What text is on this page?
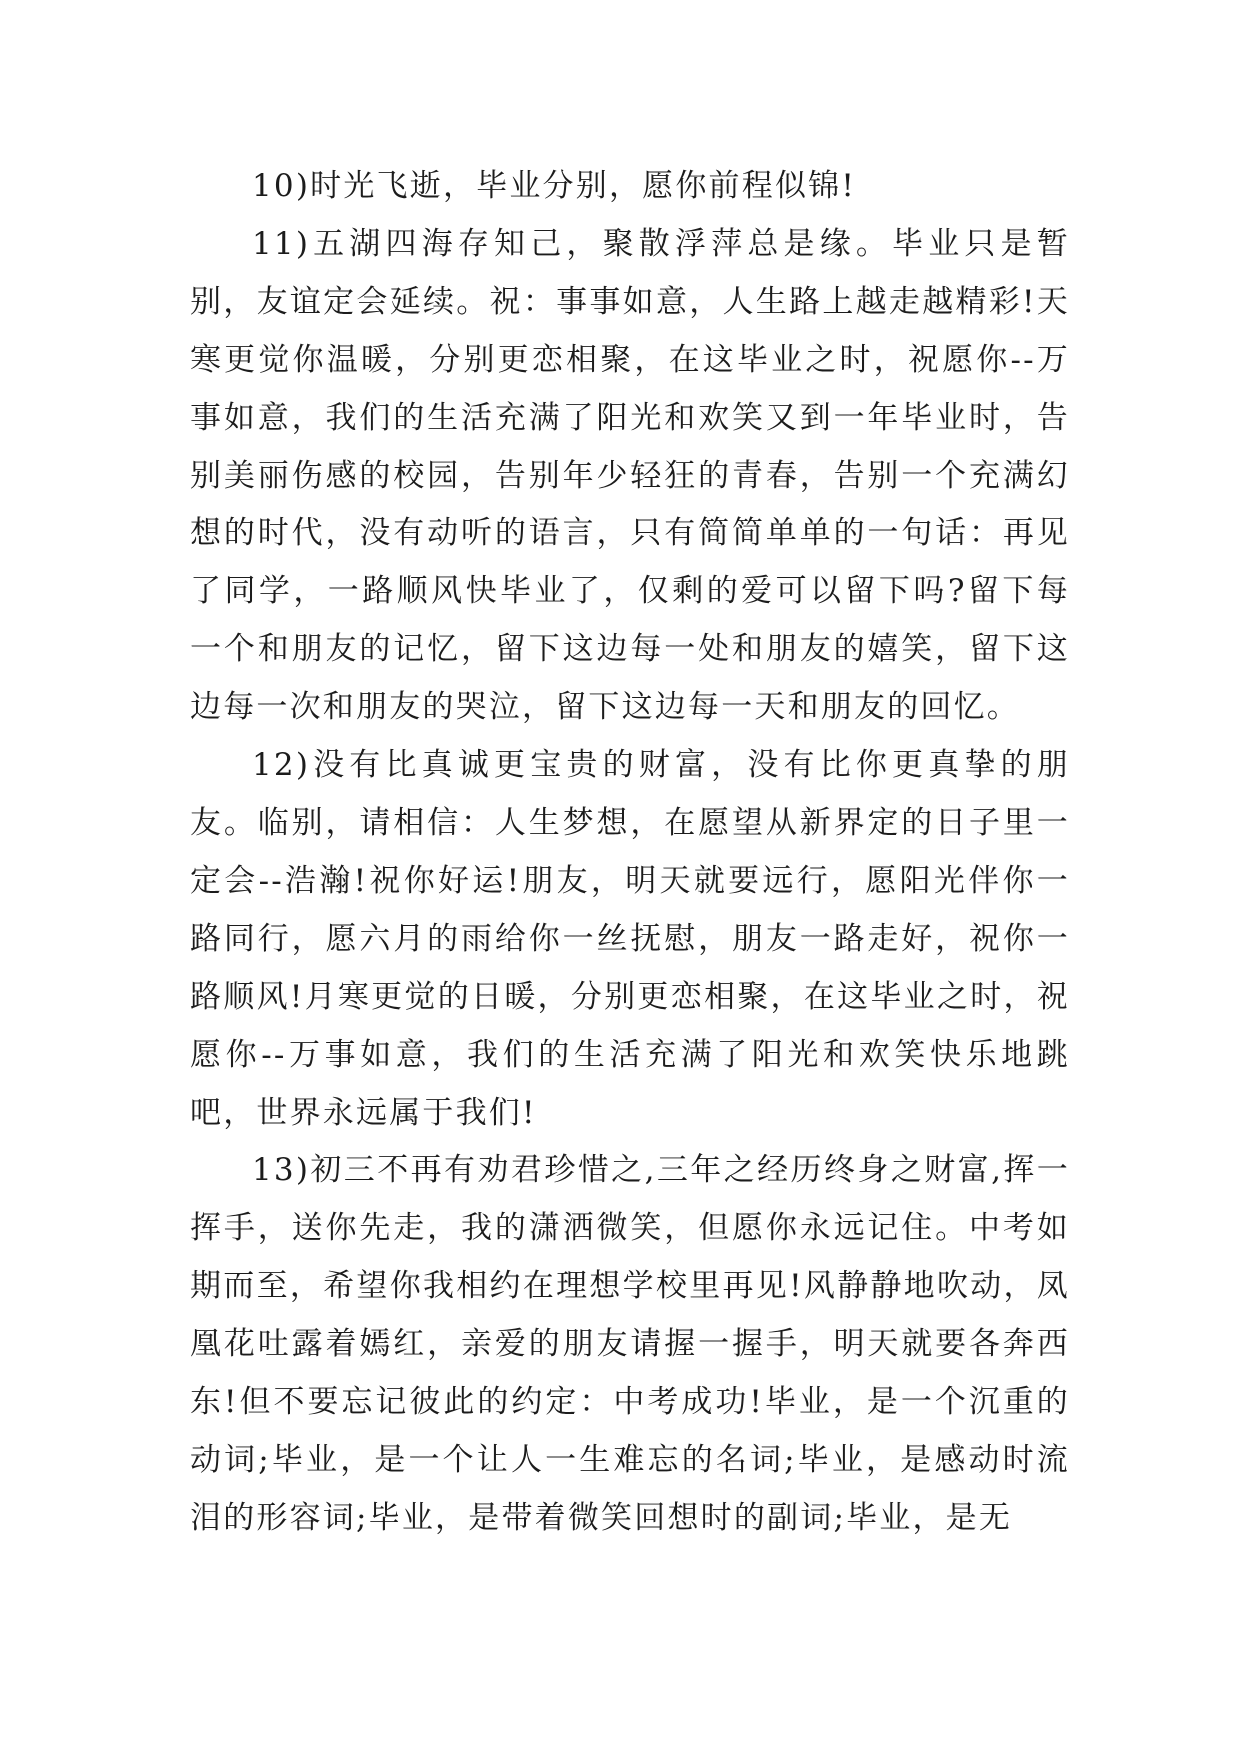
10)时光飞逝，毕业分别，愿你前程似锦!

11)五湖四海存知己，聚散浮萍总是缘。毕业只是暂别，友谊定会延续。祝：事事如意，人生路上越走越精彩!天寒更觉你温暖，分别更恋相聚，在这毕业之时，祝愿你--万事如意，我们的生活充满了阳光和欢笑又到一年毕业时，告别美丽伤感的校园，告别年少轻狂的青春，告别一个充满幻想的时代，没有动听的语言，只有简简单单的一句话：再见了同学，一路顺风快毕业了，仅剩的爱可以留下吗?留下每一个和朋友的记忆，留下这边每一处和朋友的嬉笑，留下这边每一次和朋友的哭泣，留下这边每一天和朋友的回忆。

12)没有比真诚更宝贵的财富，没有比你更真挚的朋友。临别，请相信：人生梦想，在愿望从新界定的日子里一定会--浩瀚!祝你好运!朋友，明天就要远行，愿阳光伴你一路同行，愿六月的雨给你一丝抚慰，朋友一路走好，祝你一路顺风!月寒更觉的日暖，分别更恋相聚，在这毕业之时，祝愿你--万事如意，我们的生活充满了阳光和欢笑快乐地跳吧，世界永远属于我们!

13)初三不再有劝君珍惜之,三年之经历终身之财富,挥一挥手，送你先走，我的潇洒微笑，但愿你永远记住。中考如期而至，希望你我相约在理想学校里再见!风静静地吹动，凤凰花吐露着嫣红，亲爱的朋友请握一握手，明天就要各奔西东!但不要忘记彼此的约定：中考成功!毕业，是一个沉重的动词;毕业，是一个让人一生难忘的名词;毕业，是感动时流泪的形容词;毕业，是带着微笑回想时的副词;毕业，是无
